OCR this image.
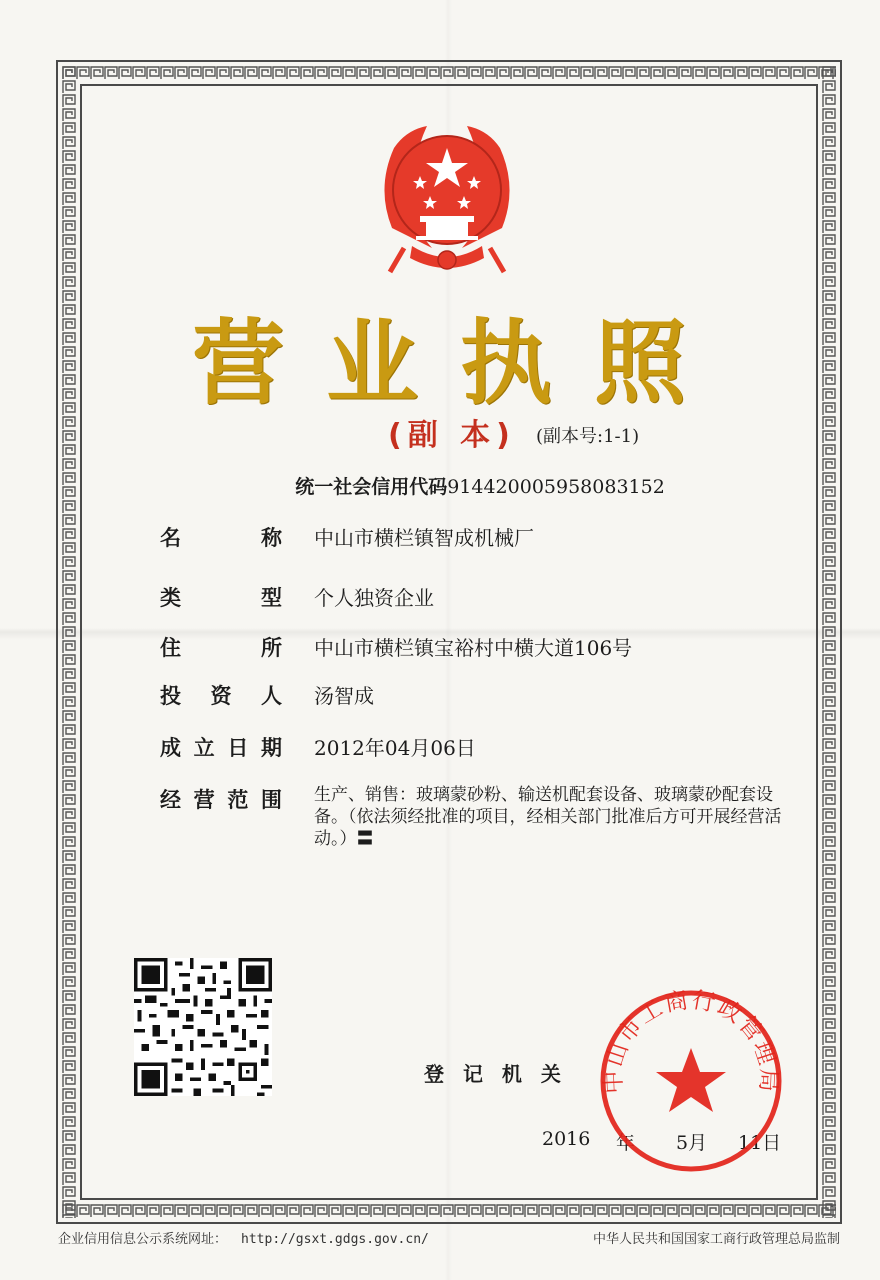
营业执照
(副 本) (副本号:1-1)
统一社会信用代码914420005958083152
名	称 中山市横栏镇智成机械厂
类	型 个人独资企业
住	所 中山市横栏镇宝裕村中横大道106号
投 资 人 汤智成
成 立 日 期 2012年04月06日
经 营 范 围 生产、销售：玻璃蒙砂粉、输送机配套设备、玻璃蒙砂配套设备。（依法须经批准的项目，经相关部门批准后方可开展经营活动。）〓
登 记 机 关
2016 年 5月 11日
中山市工商行政管理局
企业信用信息公示系统网址： http://gsxt.gdgs.gov.cn/	中华人民共和国国家工商行政管理总局监制
